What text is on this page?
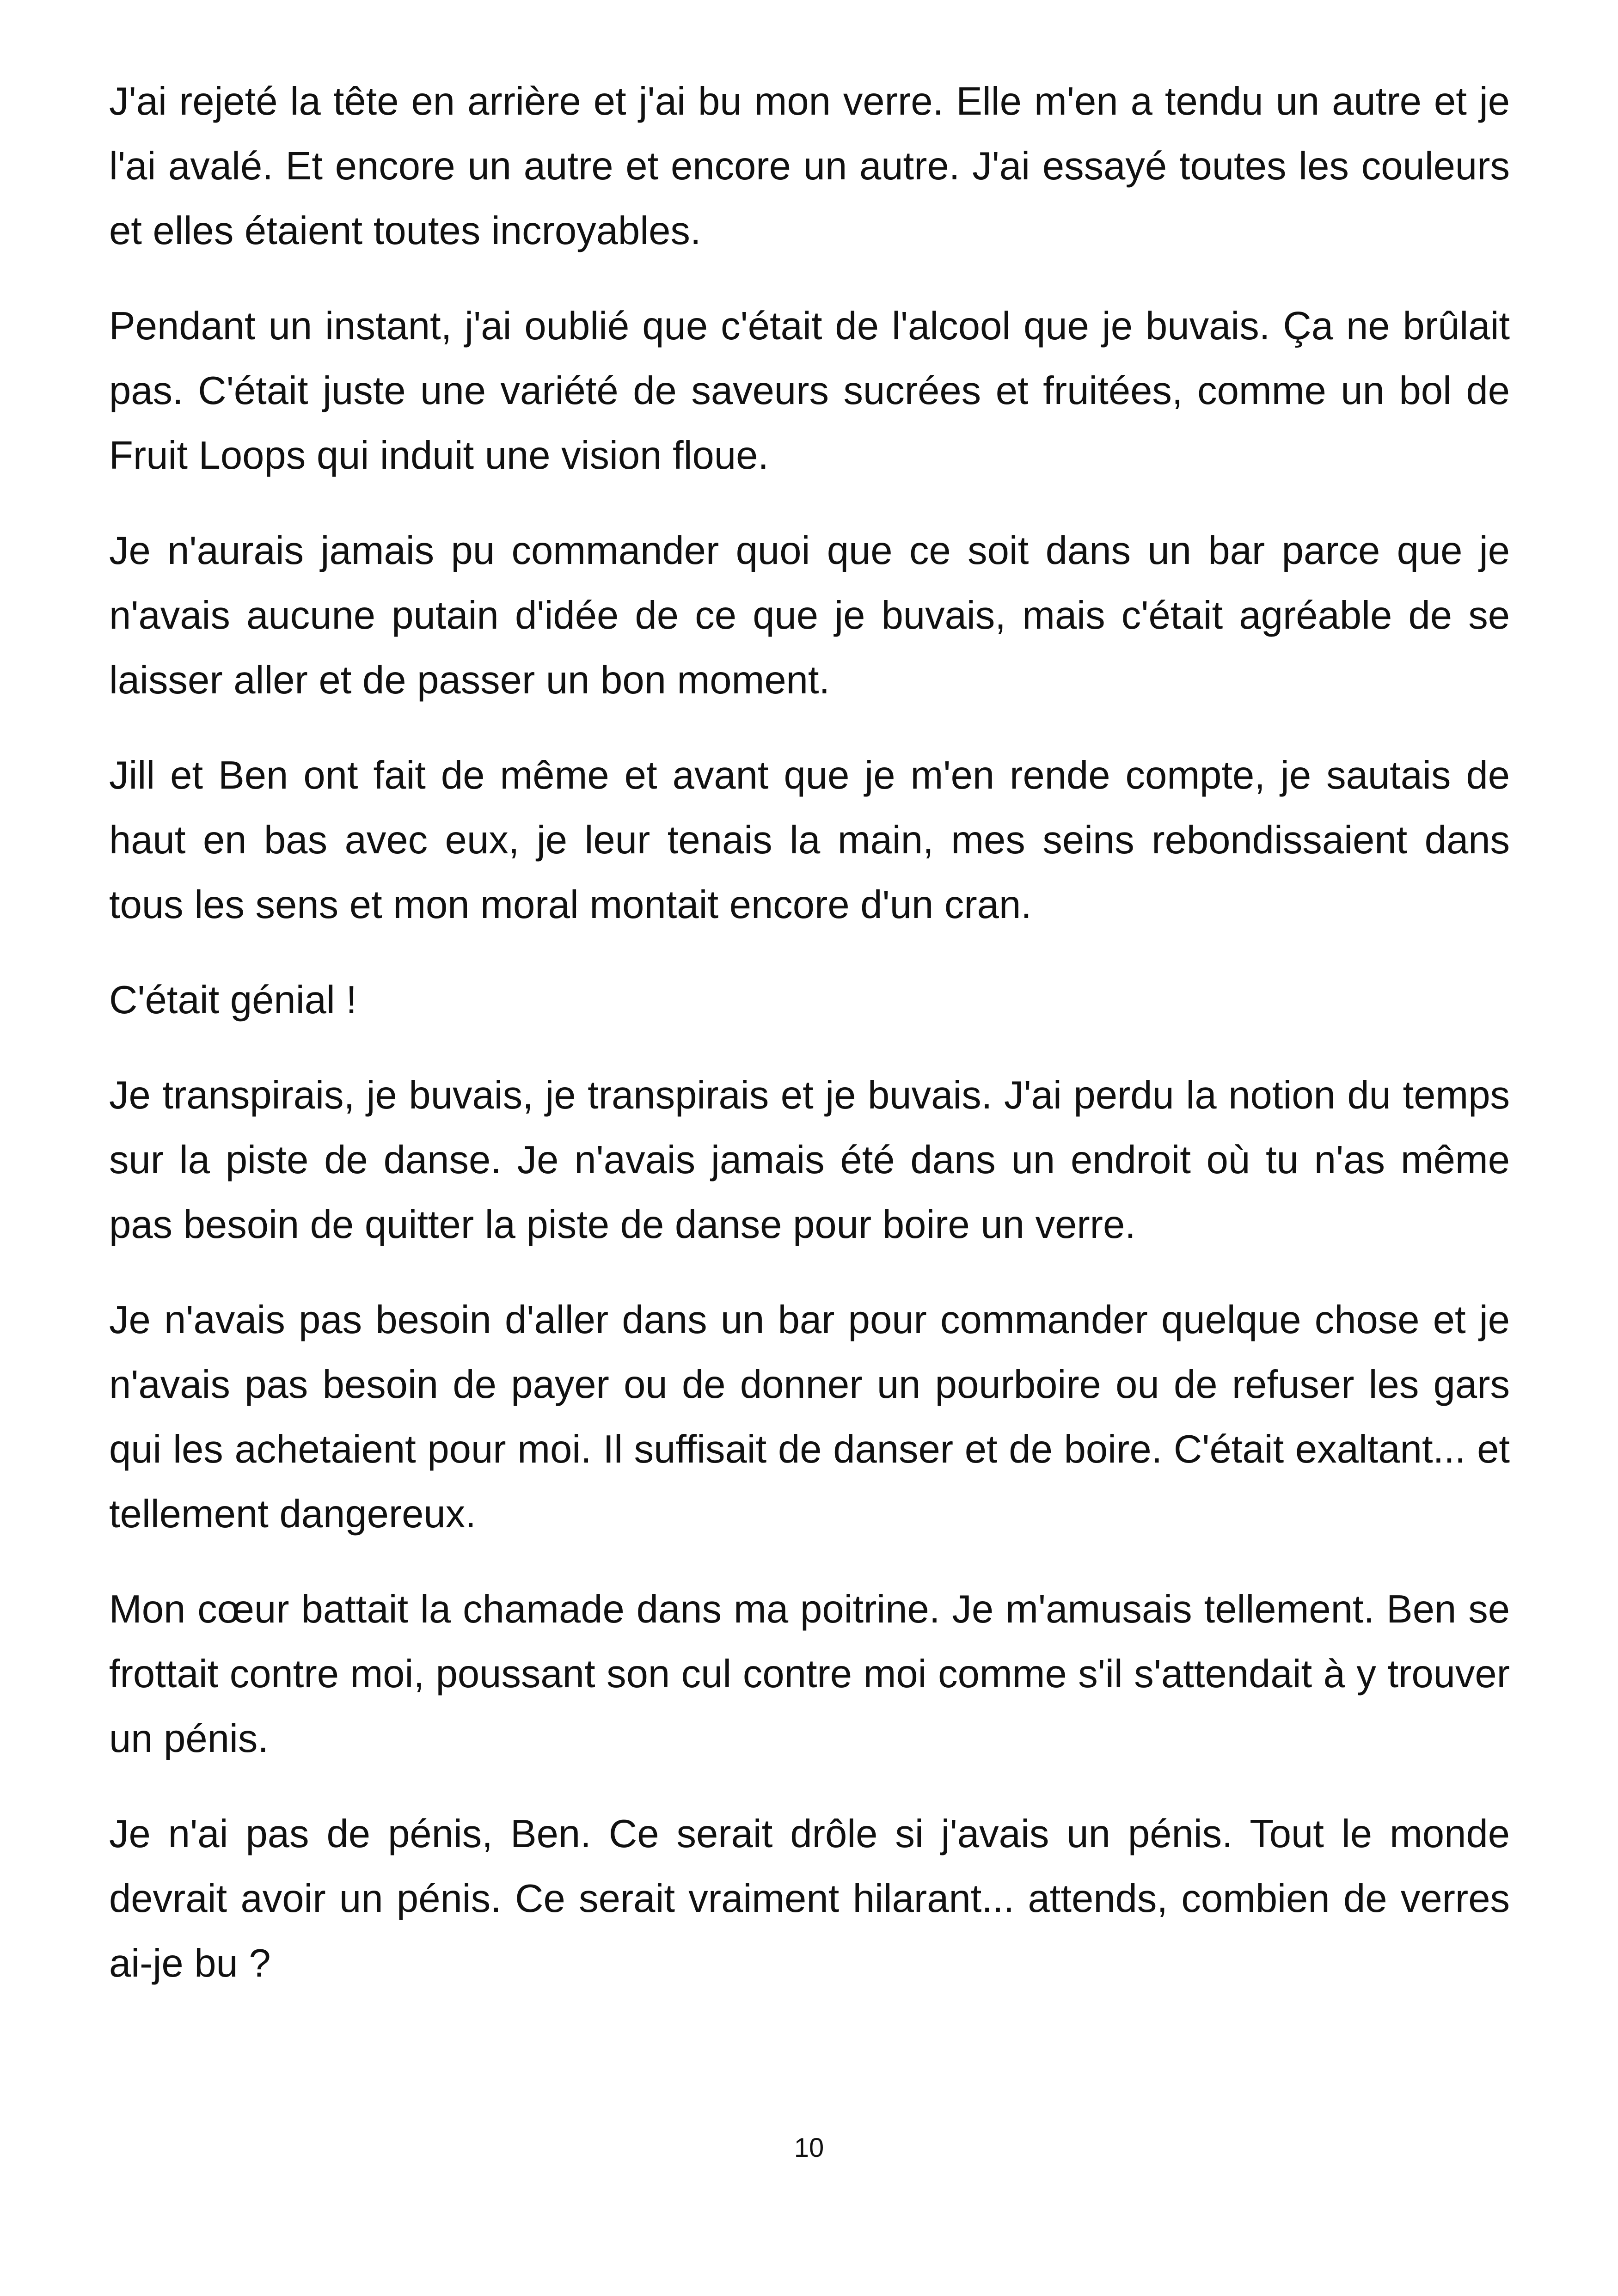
J'ai rejeté la tête en arrière et j'ai bu mon verre. Elle m'en a tendu un autre et je l'ai avalé. Et encore un autre et encore un autre. J'ai essayé toutes les couleurs et elles étaient toutes incroyables.

Pendant un instant, j'ai oublié que c'était de l'alcool que je buvais. Ça ne brûlait pas. C'était juste une variété de saveurs sucrées et fruitées, comme un bol de Fruit Loops qui induit une vision floue.

Je n'aurais jamais pu commander quoi que ce soit dans un bar parce que je n'avais aucune putain d'idée de ce que je buvais, mais c'était agréable de se laisser aller et de passer un bon moment.

Jill et Ben ont fait de même et avant que je m'en rende compte, je sautais de haut en bas avec eux, je leur tenais la main, mes seins rebondissaient dans tous les sens et mon moral montait encore d'un cran.

C'était génial !

Je transpirais, je buvais, je transpirais et je buvais. J'ai perdu la notion du temps sur la piste de danse. Je n'avais jamais été dans un endroit où tu n'as même pas besoin de quitter la piste de danse pour boire un verre.

Je n'avais pas besoin d'aller dans un bar pour commander quelque chose et je n'avais pas besoin de payer ou de donner un pourboire ou de refuser les gars qui les achetaient pour moi. Il suffisait de danser et de boire. C'était exaltant... et tellement dangereux.

Mon cœur battait la chamade dans ma poitrine. Je m'amusais tellement. Ben se frottait contre moi, poussant son cul contre moi comme s'il s'attendait à y trouver un pénis.

Je n'ai pas de pénis, Ben. Ce serait drôle si j'avais un pénis. Tout le monde devrait avoir un pénis. Ce serait vraiment hilarant... attends, combien de verres ai-je bu ?

10
